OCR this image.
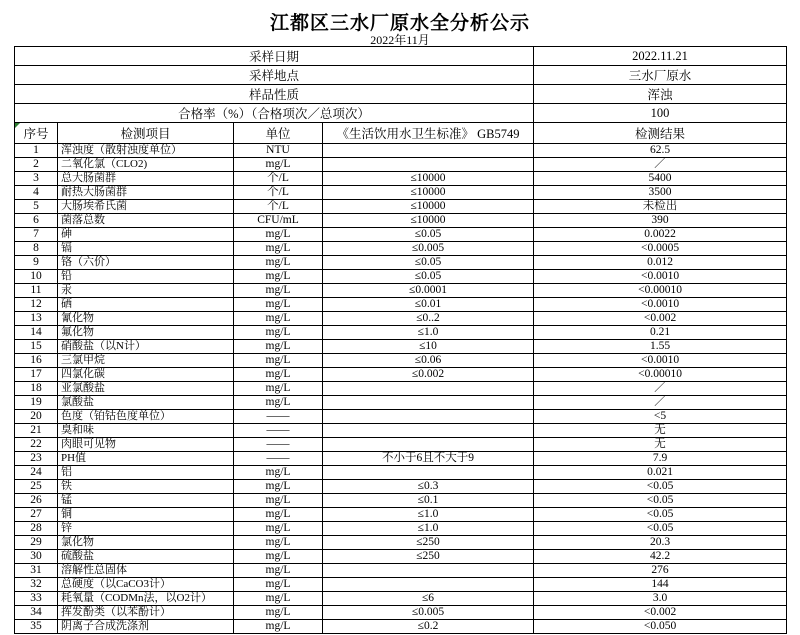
江都区三水厂原水全分析公示
2022年11月
采样日期				2022.11.21
采样地点				三水厂原水
样品性质				浑浊
合格率（%）（合格项次／总项次）				100

序号	检测项目	单位	《生活饮用水卫生标准》 GB5749	检测结果
1	浑浊度（散射浊度单位）	NTU		62.5
2	二氧化氯（CLO2)	mg/L		／
3	总大肠菌群	个/L	≤10000	5400
4	耐热大肠菌群	个/L	≤10000	3500
5	大肠埃希氏菌	个/L	≤10000	未检出
6	菌落总数	CFU/mL	≤10000	390
7	砷	mg/L	≤0.05	0.0022
8	镉	mg/L	≤0.005	<0.0005
9	铬（六价）	mg/L	≤0.05	0.012
10	铅	mg/L	≤0.05	<0.0010
11	汞	mg/L	≤0.0001	<0.00010
12	硒	mg/L	≤0.01	<0.0010
13	氰化物	mg/L	≤0..2	<0.002
14	氟化物	mg/L	≤1.0	0.21
15	硝酸盐（以N计）	mg/L	≤10	1.55
16	三氯甲烷	mg/L	≤0.06	<0.0010
17	四氯化碳	mg/L	≤0.002	<0.00010
18	亚氯酸盐	mg/L		／
19	氯酸盐	mg/L		／
20	色度（铂钴色度单位）	——		<5
21	臭和味	——		无
22	肉眼可见物	——		无
23	PH值	——	不小于6且不大于9	7.9
24	铝	mg/L		0.021
25	铁	mg/L	≤0.3	<0.05
26	锰	mg/L	≤0.1	<0.05
27	铜	mg/L	≤1.0	<0.05
28	锌	mg/L	≤1.0	<0.05
29	氯化物	mg/L	≤250	20.3
30	硫酸盐	mg/L	≤250	42.2
31	溶解性总固体	mg/L		276
32	总硬度（以CaCO3计）	mg/L		144
33	耗氧量（CODMn法，以O2计）	mg/L	≤6	3.0
34	挥发酚类（以苯酚计）	mg/L	≤0.005	<0.002
35	阴离子合成洗涤剂	mg/L	≤0.2	<0.050
